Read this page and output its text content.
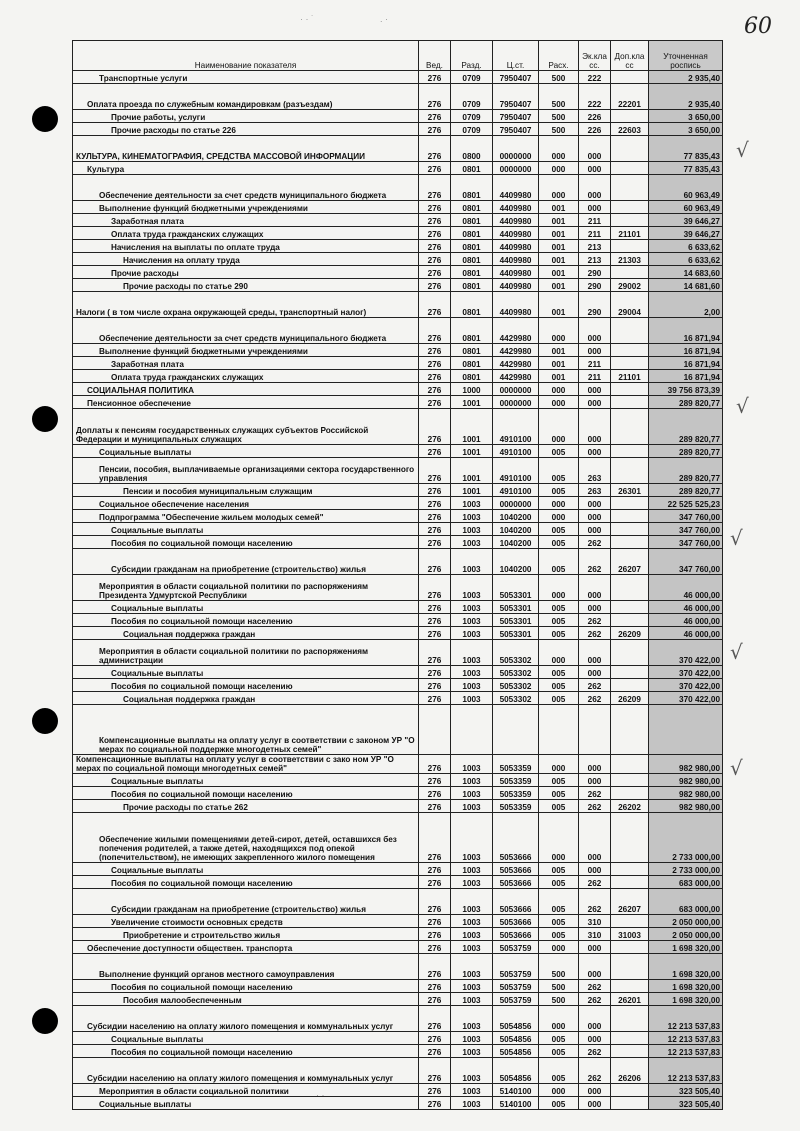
60
√
√
√
√
√
· · ˙	. ·
· ·
Наименование показателя	Вед.	Разд.	Ц.ст.	Расх.	Эк.кла сс.	Доп.кла сс	Уточненная роспись
Транспортные услуги	276	0709	7950407	500	222		2 935,40
Оплата проезда по служебным командировкам (разъездам)	276	0709	7950407	500	222	22201	2 935,40
Прочие работы, услуги	276	0709	7950407	500	226		3 650,00
Прочие расходы по статье 226	276	0709	7950407	500	226	22603	3 650,00
КУЛЬТУРА, КИНЕМАТОГРАФИЯ, СРЕДСТВА МАССОВОЙ ИНФОРМАЦИИ	276	0800	0000000	000	000		77 835,43
Культура	276	0801	0000000	000	000		77 835,43
Обеспечение деятельности за счет средств муниципального бюджета	276	0801	4409980	000	000		60 963,49
Выполнение функций бюджетными учреждениями	276	0801	4409980	001	000		60 963,49
Заработная плата	276	0801	4409980	001	211		39 646,27
Оплата труда гражданских служащих	276	0801	4409980	001	211	21101	39 646,27
Начисления на выплаты по оплате труда	276	0801	4409980	001	213		6 633,62
Начисления на оплату труда	276	0801	4409980	001	213	21303	6 633,62
Прочие расходы	276	0801	4409980	001	290		14 683,60
Прочие расходы по статье 290	276	0801	4409980	001	290	29002	14 681,60
Налоги ( в том числе охрана окружающей среды, транспортный налог)	276	0801	4409980	001	290	29004	2,00
Обеспечение деятельности за счет средств муниципального бюджета	276	0801	4429980	000	000		16 871,94
Выполнение функций бюджетными учреждениями	276	0801	4429980	001	000		16 871,94
Заработная плата	276	0801	4429980	001	211		16 871,94
Оплата труда гражданских служащих	276	0801	4429980	001	211	21101	16 871,94
СОЦИАЛЬНАЯ ПОЛИТИКА	276	1000	0000000	000	000		39 756 873,39
Пенсионное обеспечение	276	1001	0000000	000	000		289 820,77
Доплаты к пенсиям государственных служащих субъектов Российской Федерации и муниципальных служащих	276	1001	4910100	000	000		289 820,77
Социальные выплаты	276	1001	4910100	005	000		289 820,77
Пенсии, пособия, выплачиваемые организациями сектора государственного управления	276	1001	4910100	005	263		289 820,77
Пенсии и пособия муниципальным служащим	276	1001	4910100	005	263	26301	289 820,77
Социальное обеспечение населения	276	1003	0000000	000	000		22 525 525,23
Подпрограмма "Обеспечение жильем молодых семей"	276	1003	1040200	000	000		347 760,00
Социальные выплаты	276	1003	1040200	005	000		347 760,00
Пособия по социальной помощи населению	276	1003	1040200	005	262		347 760,00
Субсидии гражданам на приобретение (строительство) жилья	276	1003	1040200	005	262	26207	347 760,00
Мероприятия в области социальной политики по распоряжениям Президента Удмуртской Республики	276	1003	5053301	000	000		46 000,00
Социальные выплаты	276	1003	5053301	005	000		46 000,00
Пособия по социальной помощи населению	276	1003	5053301	005	262		46 000,00
Социальная поддержка граждан	276	1003	5053301	005	262	26209	46 000,00
Мероприятия в области социальной политики по распоряжениям администрации	276	1003	5053302	000	000		370 422,00
Социальные выплаты	276	1003	5053302	005	000		370 422,00
Пособия по социальной помощи населению	276	1003	5053302	005	262		370 422,00
Социальная поддержка граждан	276	1003	5053302	005	262	26209	370 422,00
Компенсационные выплаты на оплату услуг в соответствии с законом УР "О мерах по социальной поддержке многодетных семей"							
Компенсационные выплаты на оплату услуг в соответствии с зако ном УР "О мерах по социальной помощи многодетных семей"	276	1003	5053359	000	000		982 980,00
Социальные выплаты	276	1003	5053359	005	000		982 980,00
Пособия по социальной помощи населению	276	1003	5053359	005	262		982 980,00
Прочие расходы по статье 262	276	1003	5053359	005	262	26202	982 980,00
Обеспечение жилыми помещениями детей-сирот, детей, оставшихся без попечения родителей, а также детей, находящихся под опекой (попечительством), не имеющих закрепленного жилого помещения	276	1003	5053666	000	000		2 733 000,00
Социальные выплаты	276	1003	5053666	005	000		2 733 000,00
Пособия по социальной помощи населению	276	1003	5053666	005	262		683 000,00
Субсидии гражданам на приобретение (строительство) жилья	276	1003	5053666	005	262	26207	683 000,00
Увеличение стоимости основных средств	276	1003	5053666	005	310		2 050 000,00
Приобретение и строительство жилья	276	1003	5053666	005	310	31003	2 050 000,00
Обеспечение доступности обществен. транспорта	276	1003	5053759	000	000		1 698 320,00
Выполнение функций органов местного самоуправления	276	1003	5053759	500	000		1 698 320,00
Пособия по социальной помощи населению	276	1003	5053759	500	262		1 698 320,00
Пособия малообеспеченным	276	1003	5053759	500	262	26201	1 698 320,00
Субсидии населению на оплату жилого помещения и коммунальных услуг	276	1003	5054856	000	000		12 213 537,83
Социальные выплаты	276	1003	5054856	005	000		12 213 537,83
Пособия по социальной помощи населению	276	1003	5054856	005	262		12 213 537,83
Субсидии населению на оплату жилого помещения и коммунальных услуг	276	1003	5054856	005	262	26206	12 213 537,83
Мероприятия в области социальной политики	276	1003	5140100	000	000		323 505,40
Социальные выплаты	276	1003	5140100	005	000		323 505,40
